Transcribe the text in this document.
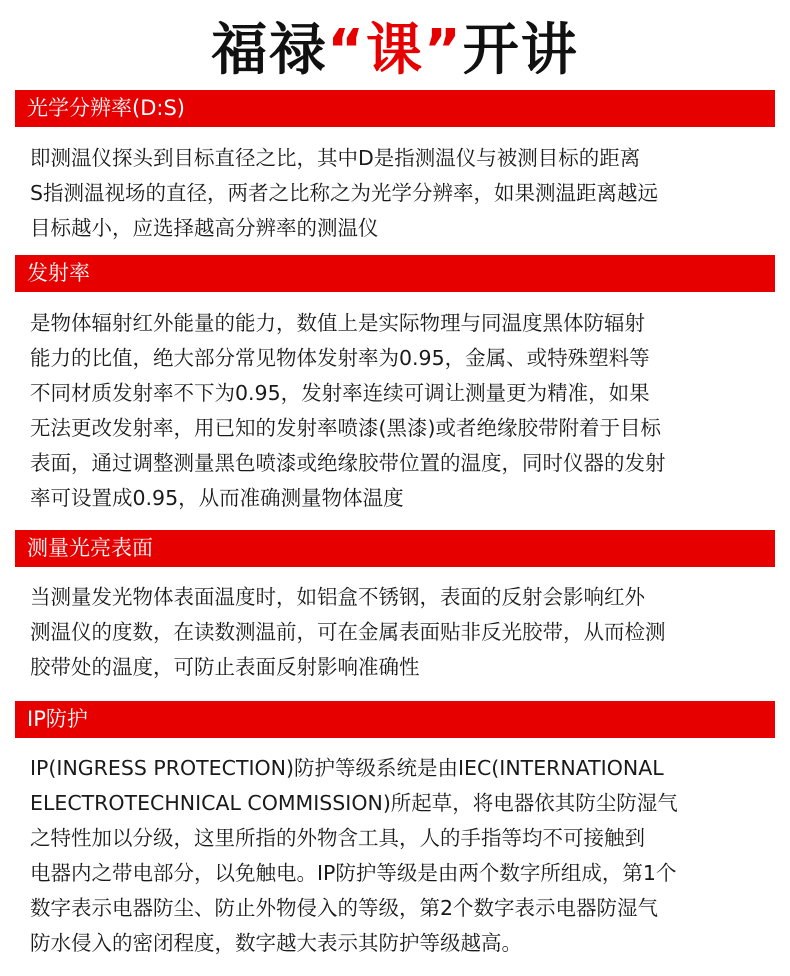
福禄“课”开讲
光学分辨率(D:S)
即测温仪探头到目标直径之比，其中D是指测温仪与被测目标的距离
S指测温视场的直径，两者之比称之为光学分辨率，如果测温距离越远
目标越小，应选择越高分辨率的测温仪
发射率
是物体辐射红外能量的能力，数值上是实际物理与同温度黑体防辐射
能力的比值，绝大部分常见物体发射率为0.95，金属、或特殊塑料等
不同材质发射率不下为0.95，发射率连续可调让测量更为精准，如果
无法更改发射率，用已知的发射率喷漆(黑漆)或者绝缘胶带附着于目标
表面，通过调整测量黑色喷漆或绝缘胶带位置的温度，同时仪器的发射
率可设置成0.95，从而准确测量物体温度
测量光亮表面
当测量发光物体表面温度时，如铝盒不锈钢，表面的反射会影响红外
测温仪的度数，在读数测温前，可在金属表面贴非反光胶带，从而检测
胶带处的温度，可防止表面反射影响准确性
IP防护
IP(INGRESS PROTECTION)防护等级系统是由IEC(INTERNATIONAL
ELECTROTECHNICAL COMMISSION)所起草，将电器依其防尘防湿气
之特性加以分级，这里所指的外物含工具，人的手指等均不可接触到
电器内之带电部分，以免触电。IP防护等级是由两个数字所组成，第1个
数字表示电器防尘、防止外物侵入的等级，第2个数字表示电器防湿气
防水侵入的密闭程度，数字越大表示其防护等级越高。
